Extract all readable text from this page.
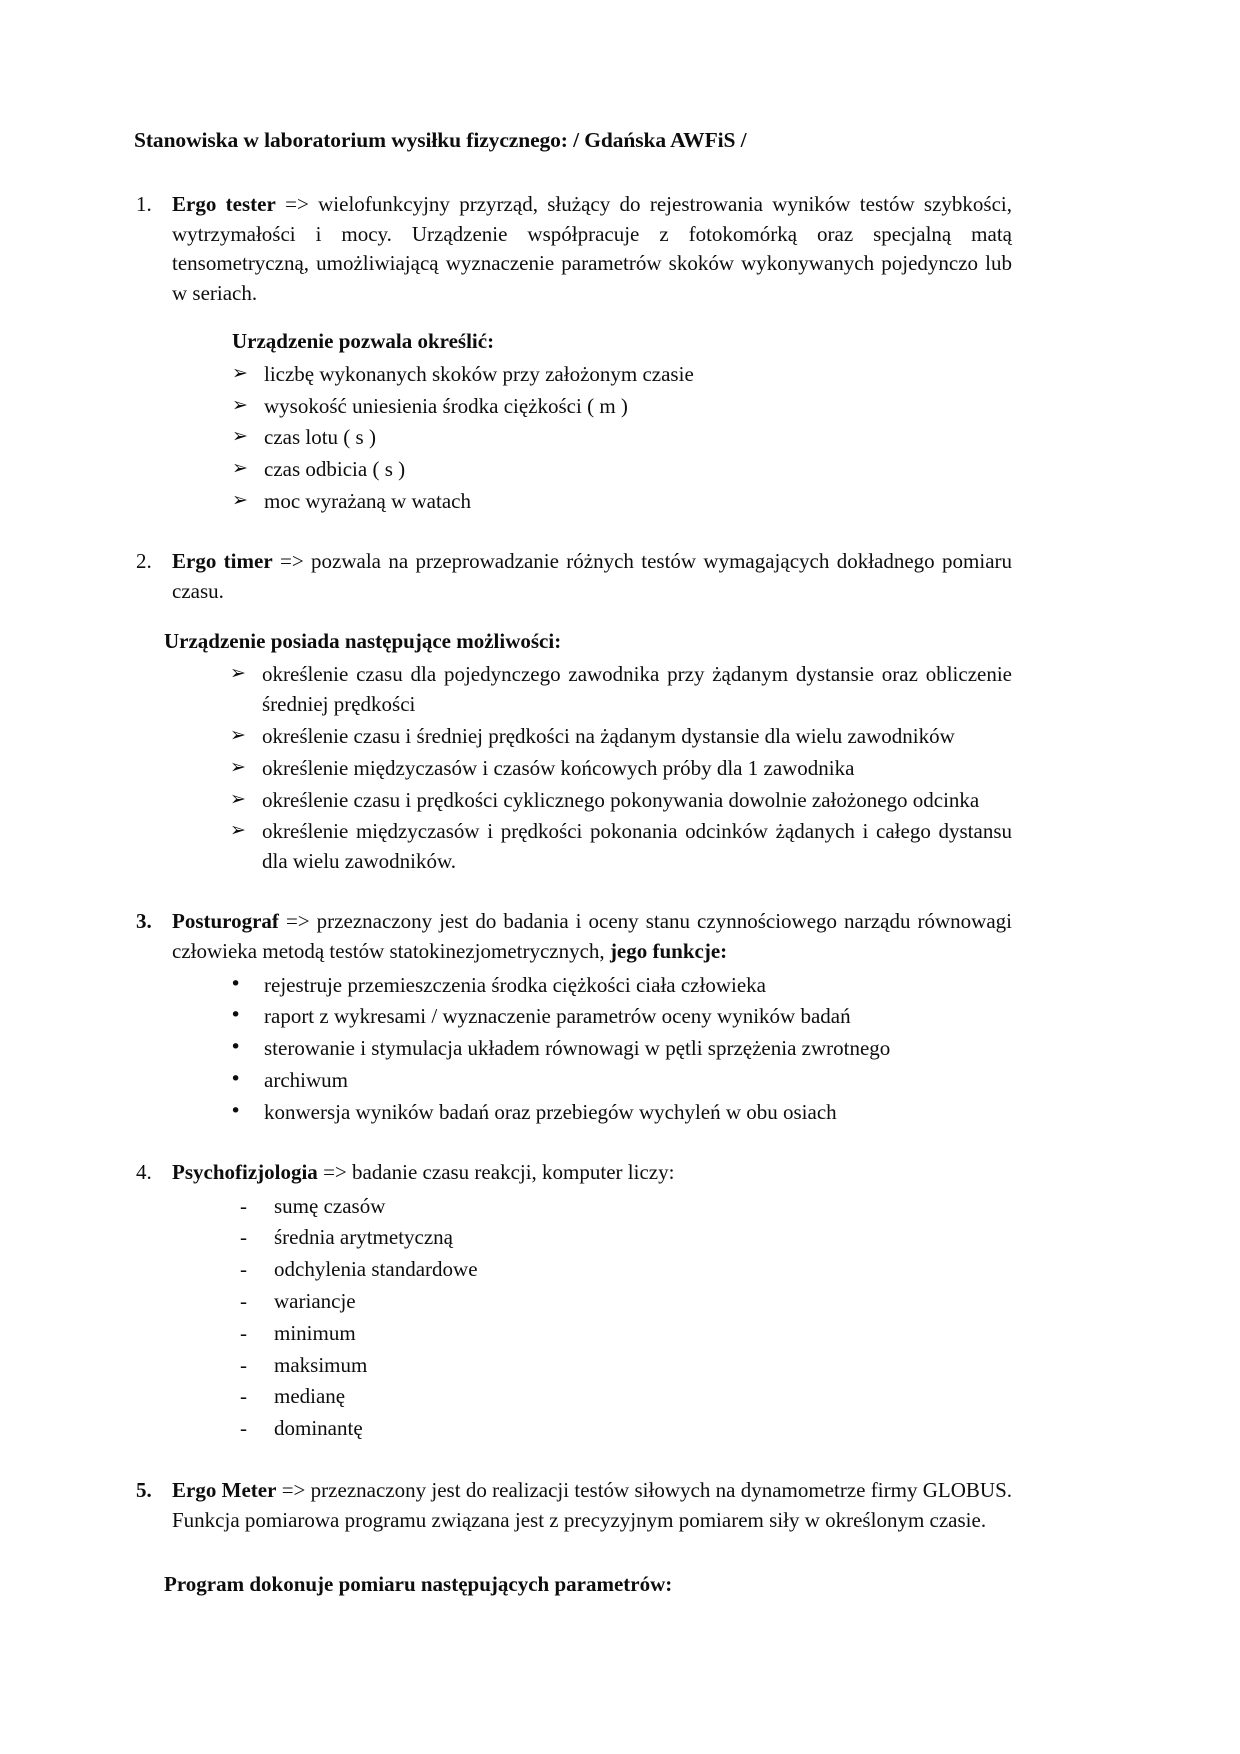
Stanowiska w laboratorium wysiłku fizycznego: / Gdańska AWFiS /
1. Ergo tester => wielofunkcyjny przyrząd, służący do rejestrowania wyników testów szybkości, wytrzymałości i mocy. Urządzenie współpracuje z fotokomórką oraz specjalną matą tensometryczną, umożliwiającą wyznaczenie parametrów skoków wykonywanych pojedynczo lub w seriach.
Urządzenie pozwala określić:
➢ liczbę wykonanych skoków przy założonym czasie
➢ wysokość uniesienia środka ciężkości ( m )
➢ czas lotu ( s )
➢ czas odbicia ( s )
➢ moc wyrażaną w watach
2. Ergo timer => pozwala na przeprowadzanie różnych testów wymagających dokładnego pomiaru czasu.
Urządzenie posiada następujące możliwości:
➢ określenie czasu dla pojedynczego zawodnika przy żądanym dystansie oraz obliczenie średniej prędkości
➢ określenie czasu i średniej prędkości na żądanym dystansie dla wielu zawodników
➢ określenie międzyczasów i czasów końcowych próby dla 1 zawodnika
➢ określenie czasu i prędkości cyklicznego pokonywania dowolnie założonego odcinka
➢ określenie międzyczasów i prędkości pokonania odcinków żądanych i całego dystansu dla wielu zawodników.
3. Posturograf => przeznaczony jest do badania i oceny stanu czynnościowego narządu równowagi człowieka metodą testów statokinezjometrycznych, jego funkcje:
•	rejestruje przemieszczenia środka ciężkości ciała człowieka
•	raport z wykresami / wyznaczenie parametrów oceny wyników badań
•	sterowanie i stymulacja układem równowagi w pętli sprzężenia zwrotnego
•	archiwum
•	konwersja wyników badań oraz przebiegów wychyleń w obu osiach
4. Psychofizjologia => badanie czasu reakcji, komputer liczy:
-	sumę czasów
-	średnia arytmetyczną
-	odchylenia standardowe
-	wariancje
-	minimum
-	maksimum
-	medianę
-	dominantę
5. Ergo Meter => przeznaczony jest do realizacji testów siłowych na dynamometrze firmy GLOBUS. Funkcja pomiarowa programu związana jest z precyzyjnym pomiarem siły w określonym czasie.
Program dokonuje pomiaru następujących parametrów:
